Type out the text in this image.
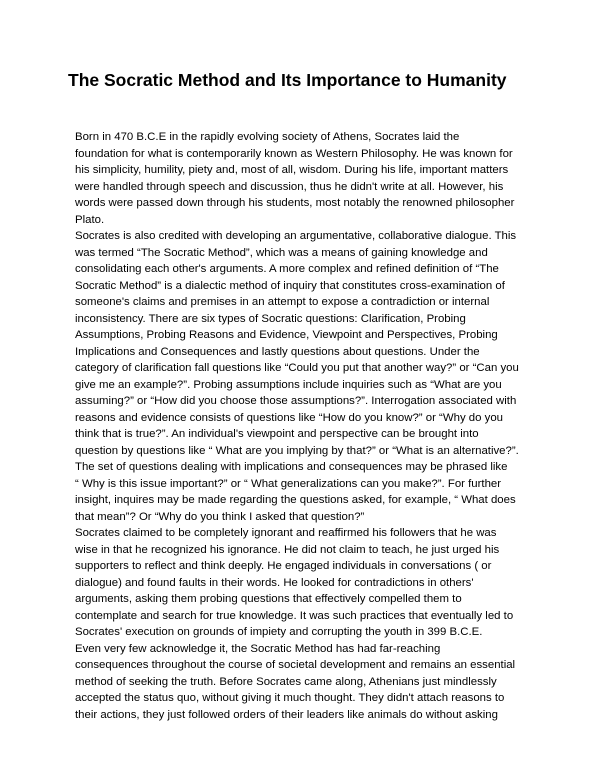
The Socratic Method and Its Importance to Humanity
Born in 470 B.C.E in the rapidly evolving society of Athens, Socrates laid the
foundation for what is contemporarily known as Western Philosophy. He was known for
his simplicity, humility, piety and, most of all, wisdom. During his life, important matters
were handled through speech and discussion, thus he didn't write at all. However, his
words were passed down through his students, most notably the renowned philosopher
Plato.
Socrates is also credited with developing an argumentative, collaborative dialogue. This
was termed “The Socratic Method”, which was a means of gaining knowledge and
consolidating each other's arguments. A more complex and refined definition of “The
Socratic Method” is a dialectic method of inquiry that constitutes cross-examination of
someone's claims and premises in an attempt to expose a contradiction or internal
inconsistency. There are six types of Socratic questions: Clarification, Probing
Assumptions, Probing Reasons and Evidence, Viewpoint and Perspectives, Probing
Implications and Consequences and lastly questions about questions. Under the
category of clarification fall questions like “Could you put that another way?” or “Can you
give me an example?”. Probing assumptions include inquiries such as “What are you
assuming?” or “How did you choose those assumptions?”. Interrogation associated with
reasons and evidence consists of questions like “How do you know?” or “Why do you
think that is true?”. An individual's viewpoint and perspective can be brought into
question by questions like “ What are you implying by that?” or “What is an alternative?”.
The set of questions dealing with implications and consequences may be phrased like
“ Why is this issue important?” or “ What generalizations can you make?”. For further
insight, inquires may be made regarding the questions asked, for example, “ What does
that mean”? Or “Why do you think I asked that question?”
Socrates claimed to be completely ignorant and reaffirmed his followers that he was
wise in that he recognized his ignorance. He did not claim to teach, he just urged his
supporters to reflect and think deeply. He engaged individuals in conversations ( or
dialogue) and found faults in their words. He looked for contradictions in others'
arguments, asking them probing questions that effectively compelled them to
contemplate and search for true knowledge. It was such practices that eventually led to
Socrates' execution on grounds of impiety and corrupting the youth in 399 B.C.E.
Even very few acknowledge it, the Socratic Method has had far-reaching
consequences throughout the course of societal development and remains an essential
method of seeking the truth. Before Socrates came along, Athenians just mindlessly
accepted the status quo, without giving it much thought. They didn't attach reasons to
their actions, they just followed orders of their leaders like animals do without asking
